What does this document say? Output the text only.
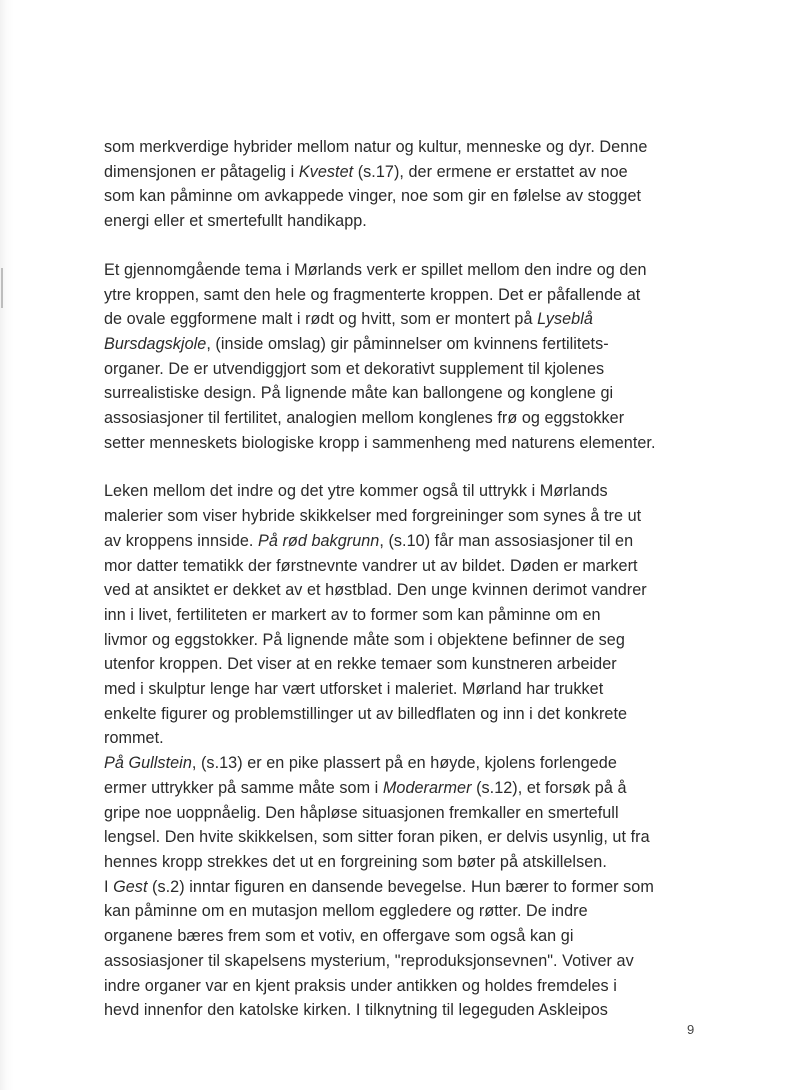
som merkverdige hybrider mellom natur og kultur, menneske og dyr. Denne
dimensjonen er påtagelig i Kvestet (s.17), der ermene er erstattet av noe
som kan påminne om avkappede vinger, noe som gir en følelse av stogget
energi eller et smertefullt handikapp.

Et gjennomgående tema i Mørlands verk er spillet mellom den indre og den
ytre kroppen, samt den hele og fragmenterte kroppen. Det er påfallende at
de ovale eggformene malt i rødt og hvitt, som er montert på Lyseblå
Bursdagskjole, (inside omslag) gir påminnelser om kvinnens fertilitets-
organer. De er utvendiggjort som et dekorativt supplement til kjolenes
surrealistiske design. På lignende måte kan ballongene og konglene gi
assosiasjoner til fertilitet, analogien mellom konglenes frø og eggstokker
setter menneskets biologiske kropp i sammenheng med naturens elementer.

Leken mellom det indre og det ytre kommer også til uttrykk i Mørlands
malerier som viser hybride skikkelser med forgreininger som synes å tre ut
av kroppens innside. På rød bakgrunn, (s.10) får man assosiasjoner til en
mor datter tematikk der førstnevnte vandrer ut av bildet. Døden er markert
ved at ansiktet er dekket av et høstblad. Den unge kvinnen derimot vandrer
inn i livet, fertiliteten er markert av to former som kan påminne om en
livmor og eggstokker. På lignende måte som i objektene befinner de seg
utenfor kroppen. Det viser at en rekke temaer som kunstneren arbeider
med i skulptur lenge har vært utforsket i maleriet. Mørland har trukket
enkelte figurer og problemstillinger ut av billedflaten og inn i det konkrete
rommet.

På Gullstein, (s.13) er en pike plassert på en høyde, kjolens forlengede
ermer uttrykker på samme måte som i Moderarmer (s.12), et forsøk på å
gripe noe uoppnåelig. Den håpløse situasjonen fremkaller en smertefull
lengsel. Den hvite skikkelsen, som sitter foran piken, er delvis usynlig, ut fra
hennes kropp strekkes det ut en forgreining som bøter på atskillelsen.

I Gest (s.2) inntar figuren en dansende bevegelse. Hun bærer to former som
kan påminne om en mutasjon mellom eggledere og røtter. De indre
organene bæres frem som et votiv, en offergave som også kan gi
assosiasjoner til skapelsens mysterium, "reproduksjonsevnen". Votiver av
indre organer var en kjent praksis under antikken og holdes fremdeles i
hevd innenfor den katolske kirken. I tilknytning til legeguden Askleipos

9
